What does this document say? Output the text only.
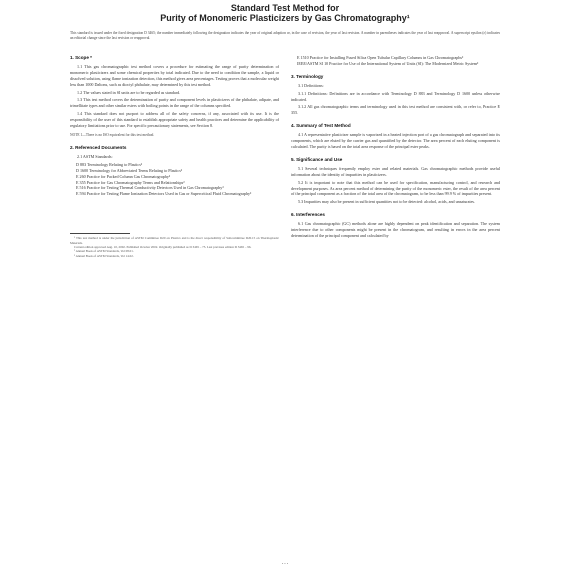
Standard Test Method for
Purity of Monomeric Plasticizers by Gas Chromatography¹
This standard is issued under the fixed designation D 3465; the number immediately following the designation indicates the year of original adoption or, in the case of revision, the year of last revision. A number in parentheses indicates the year of last reapproval. A superscript epsilon (ε) indicates an editorial change since the last revision or reapproval.
1. Scope *

1.1 This gas chromatographic test method covers a procedure for estimating the range of purity determination of monomeric plasticizers and some chemical properties by total indicated. Due to the need to condition the sample, a liquid or dissolved solution, using flame ionization detection, this method gives area percentages. Testing proves that a molecular weight less than 1000 Daltons, such as dioctyl phthalate, may determined by this test method.

1.2 The values stated in SI units are to be regarded as standard.

1.3 This test method covers the determination of purity and component levels in plasticizers of the phthalate, adipate, and trimellitate types and other similar esters with boiling points in the range of the columns specified.

1.4 This standard does not purport to address all of the safety concerns, if any, associated with its use. It is the responsibility of the user of this standard to establish appropriate safety and health practices and determine the applicability of regulatory limitations prior to use. For specific precautionary statements, see Section 8.

NOTE 1—There is no ISO equivalent for this test method.
2. Referenced Documents

2.1 ASTM Standards:

D 883 Terminology Relating to Plastics²
D 1600 Terminology for Abbreviated Terms Relating to Plastics²
E 260 Practice for Packed Column Gas Chromatography³
E 355 Practice for Gas Chromatography Terms and Relationships³
E 516 Practice for Testing Thermal Conductivity Detectors Used in Gas Chromatography³
E 594 Practice for Testing Flame Ionization Detectors Used in Gas or Supercritical Fluid Chromatography³

¹ This test method is under the jurisdiction of ASTM Committee D20 on Plastics and is the direct responsibility of Subcommittee D20.15 on Thermoplastic Materials.

Current edition approved Aug. 10, 2002. Published October 2002. Originally published as D 3465 – 75. Last previous edition D 3465 – 96.

² Annual Book of ASTM Standards, Vol 08.01.

³ Annual Book of ASTM Standards, Vol 14.02.

E 1510 Practice for Installing Fused Silica Open Tubular Capillary Columns in Gas Chromatographs³
IEEE/ASTM SI 10 Practice for Use of the International System of Units (SI): The Modernized Metric System³
3. Terminology

3.1 Definitions:

3.1.1 Definitions: Definitions are in accordance with Terminology D 883 and Terminology D 1600 unless otherwise indicated.

3.1.2 All gas chromatographic terms and terminology used in this test method are consistent with, or refer to, Practice E 355.

4. Summary of Test Method

4.1 A representative plasticizer sample is vaporized in a heated injection port of a gas chromatograph and separated into its components, which are eluted by the carrier gas and quantified by the detector. The area percent of each eluting component is calculated. The purity is based on the total area response of the principal ester peaks.

5. Significance and Use

5.1 Several techniques frequently employ ester and related materials. Gas chromatographic methods provide useful information about the identity of impurities in plasticizers.

5.2 It is important to note that this method can be used for specification, manufacturing control, and research and development purposes. As area percent method of determining the purity of the monomeric ester, the result of the area percent of the principal component as a fraction of the total area of the chromatogram, to be less than 99.9 % of impurities present.

5.3 Impurities may also be present in sufficient quantities not to be detected: alcohol, acids, and unsaturates.

6. Interferences

6.1 Gas chromatographic (GC) methods alone are highly dependent on peak identification and separation. The system interference due to other components might be present in the chromatogram, and resulting in errors in the area percent determination of the principal component and calculated by

• • •
